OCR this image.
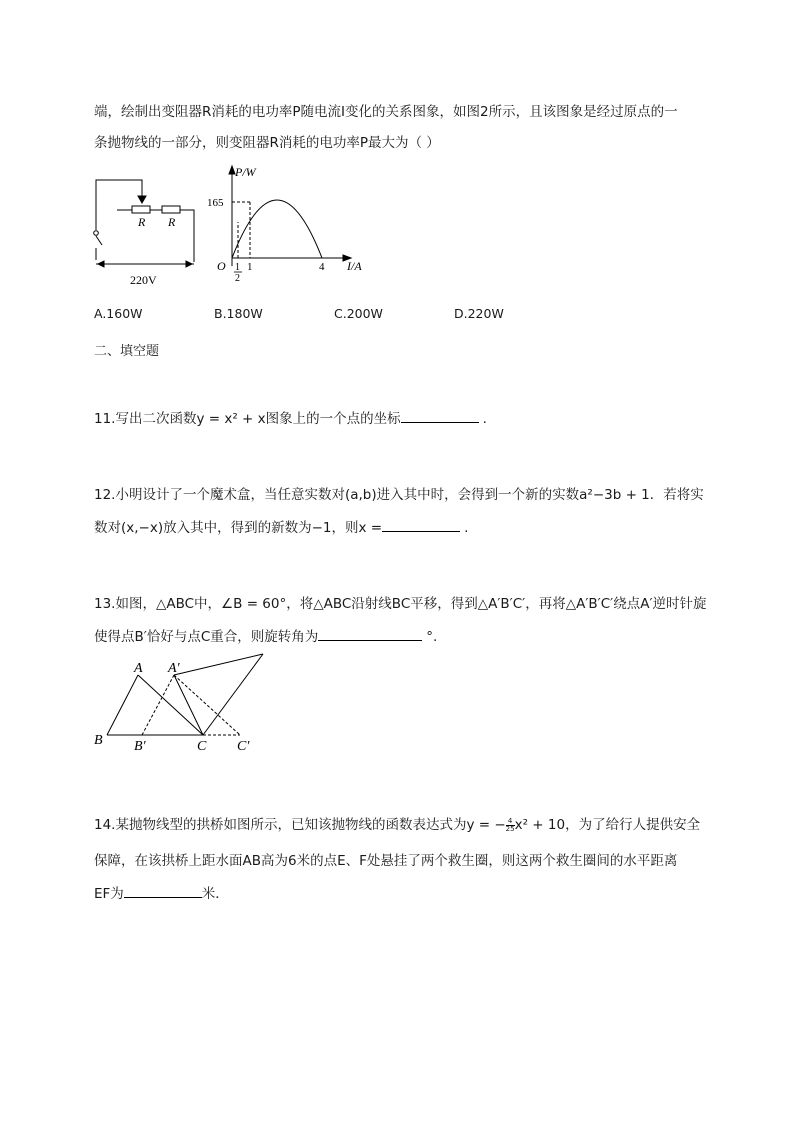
端，绘制出变阻器R消耗的电功率P随电流I变化的关系图象，如图2所示，且该图象是经过原点的一
条抛物线的一部分，则变阻器R消耗的电功率P最大为（ ）
R R
220V
P/W
I/A
O
165
1
2
1	4
A.160W	B.180W	C.200W	D.220W
二、填空题
11.写出二次函数y = x² + x图象上的一个点的坐标	.
12.小明设计了一个魔术盒，当任意实数对(a,b)进入其中时，会得到一个新的实数a²−3b + 1．若将实
数对(x,−x)放入其中，得到的新数为−1，则x =	.
13.如图，△ABC中，∠B = 60°，将△ABC沿射线BC平移，得到△A′B′C′，再将△A′B′C′绕点A′逆时针旋
使得点B′恰好与点C重合，则旋转角为	°.
A A′
B B′	C C′
14.某抛物线型的拱桥如图所示，已知该抛物线的函数表达式为y = − $\frac{4}{25} x^2 + 10$，为了给行人提供安全
保障，在该拱桥上距水面AB高为6米的点E、F处悬挂了两个救生圈，则这两个救生圈间的水平距离
EF为	米．
